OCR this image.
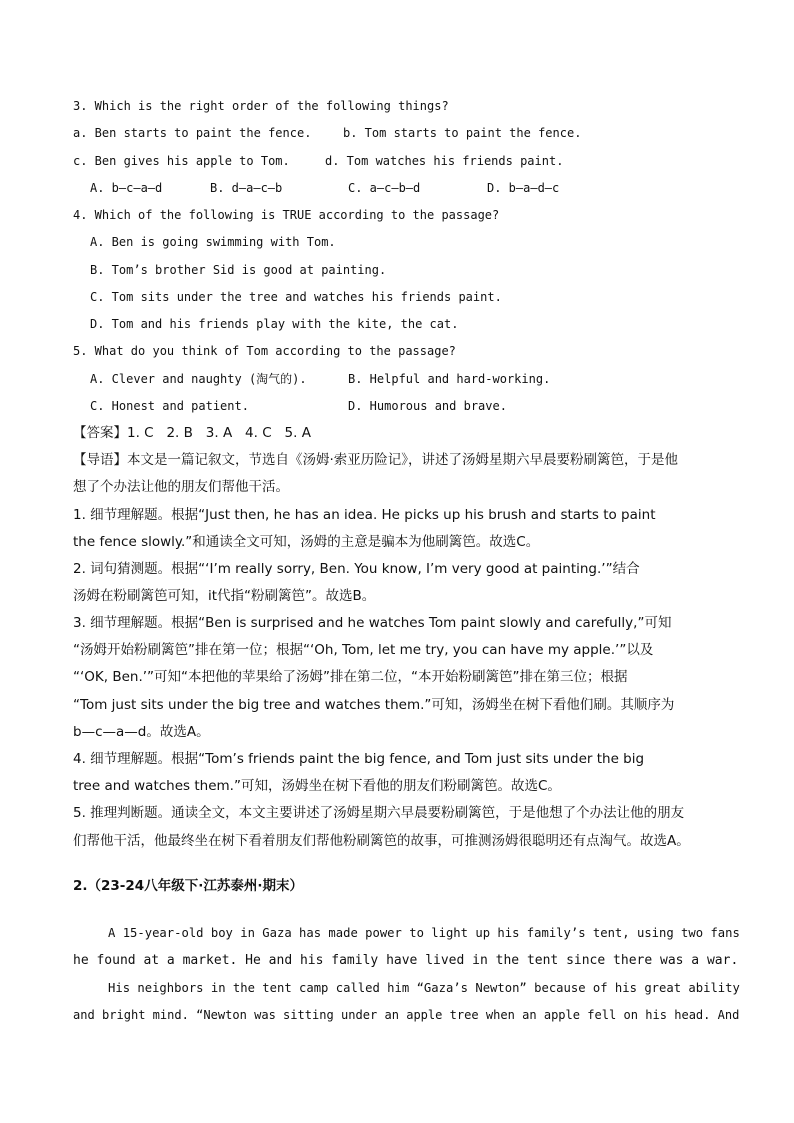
3. Which is the right order of the following things?
a. Ben starts to paint the fence.	b. Tom starts to paint the fence.
c. Ben gives his apple to Tom.	d. Tom watches his friends paint.
A. b—c—a—d	B. d—a—c—b	C. a—c—b—d	D. b—a—d—c
4. Which of the following is TRUE according to the passage?
A. Ben is going swimming with Tom.
B. Tom’s brother Sid is good at painting.
C. Tom sits under the tree and watches his friends paint.
D. Tom and his friends play with the kite, the cat.
5. What do you think of Tom according to the passage?
A. Clever and naughty (淘气的).	B. Helpful and hard-working.
C. Honest and patient.	D. Humorous and brave.
【答案】1. C   2. B   3. A   4. C   5. A
【导语】本文是一篇记叙文，节选自《汤姆·索亚历险记》，讲述了汤姆星期六早晨要粉刷篱笆，于是他
想了个办法让他的朋友们帮他干活。
1. 细节理解题。根据“Just then, he has an idea. He picks up his brush and starts to paint
the fence slowly.”和通读全文可知，汤姆的主意是骗本为他刷篱笆。故选C。
2. 词句猜测题。根据“‘I’m really sorry, Ben. You know, I’m very good at painting.’”结合
汤姆在粉刷篱笆可知，it代指“粉刷篱笆”。故选B。
3. 细节理解题。根据“Ben is surprised and he watches Tom paint slowly and carefully,”可知
“汤姆开始粉刷篱笆”排在第一位；根据“‘Oh, Tom, let me try, you can have my apple.’”以及
“‘OK, Ben.’”可知“本把他的苹果给了汤姆”排在第二位，“本开始粉刷篱笆”排在第三位；根据
“Tom just sits under the big tree and watches them.”可知，汤姆坐在树下看他们刷。其顺序为
b—c—a—d。故选A。
4. 细节理解题。根据“Tom’s friends paint the big fence, and Tom just sits under the big
tree and watches them.”可知，汤姆坐在树下看他的朋友们粉刷篱笆。故选C。
5. 推理判断题。通读全文，本文主要讲述了汤姆星期六早晨要粉刷篱笆，于是他想了个办法让他的朋友
们帮他干活，他最终坐在树下看着朋友们帮他粉刷篱笆的故事，可推测汤姆很聪明还有点淘气。故选A。
2.（23-24八年级下·江苏泰州·期末）
A 15-year-old boy in Gaza has made power to light up his family’s tent, using two fans
he found at a market. He and his family have lived in the tent since there was a war.
His neighbors in the tent camp called him “Gaza’s Newton” because of his great ability
and bright mind. “Newton was sitting under an apple tree when an apple fell on his head. And
